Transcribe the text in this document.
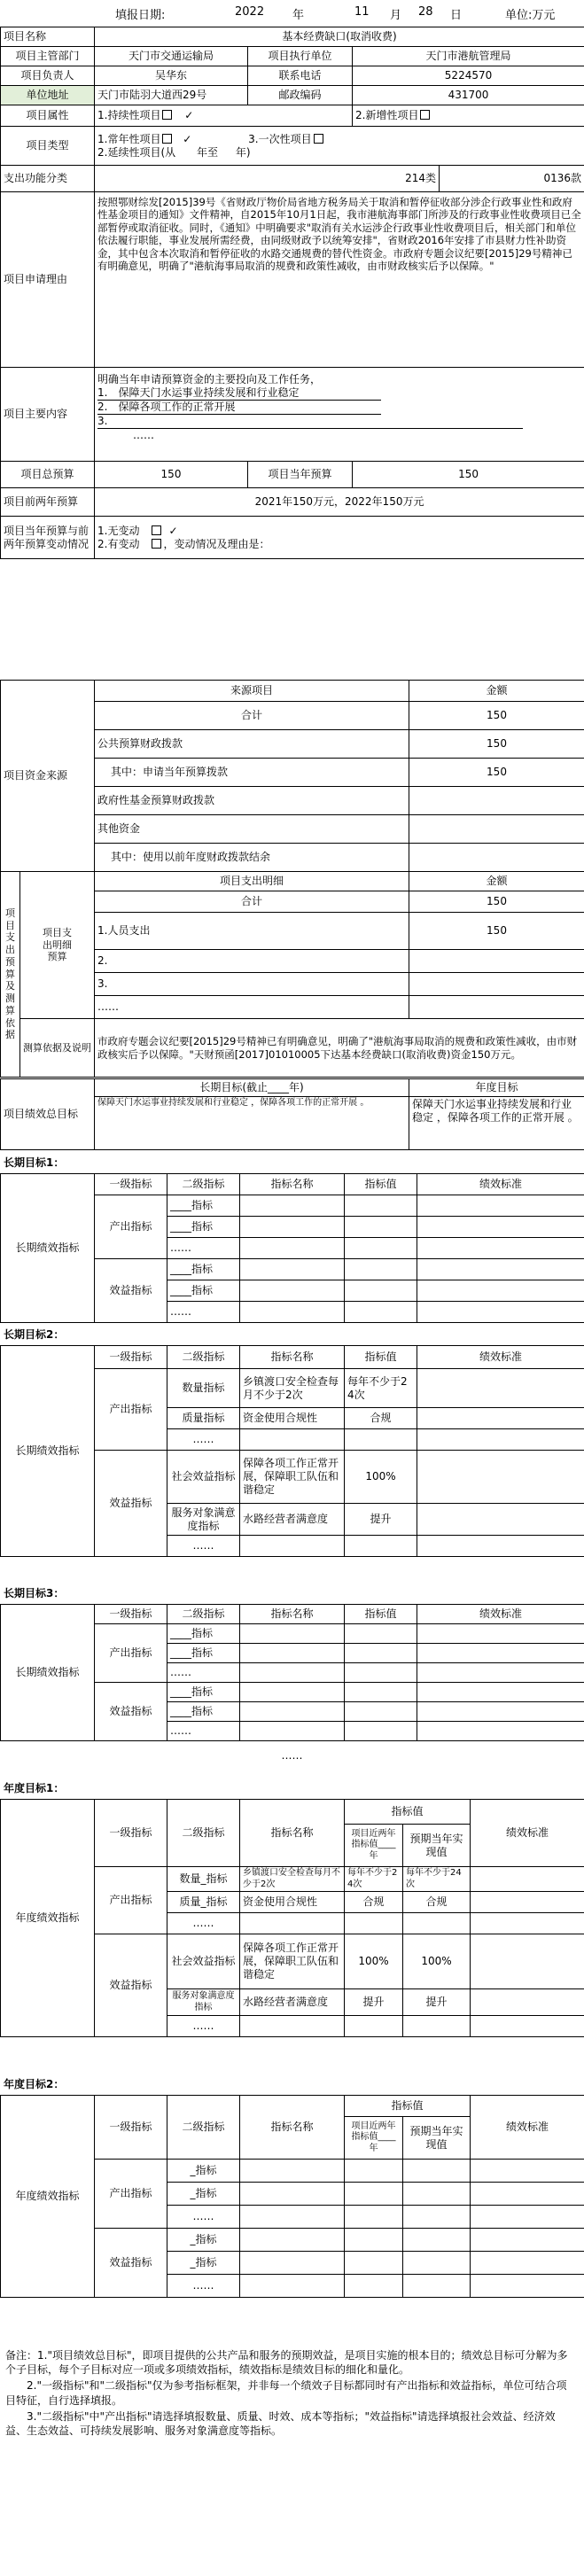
填报日期:	2022 年	11 月 28 日	单位:万元
项目名称	基本经费缺口(取消收费)			
项目主管部门	天门市交通运输局	项目执行单位	天门市港航管理局	
项目负责人	吴华东	联系电话	5224570	
单位地址	天门市陆羽大道西29号	邮政编码	431700	
项目属性	1.持续性项目 ✓		2.新增性项目	
项目类型	1.常年性项目 ✓ 3.一次性项目
2.延续性项目(从 年至 年)			

支出功能分类	214类			0136款
项目申请理由	按照鄂财综发[2015]39号《省财政厅物价局省地方税务局关于取消和暂停征收部分涉企行政事业性和政府性基金项目的通知》文件精神，自2015年10月1日起，我市港航海事部门所涉及的行政事业性收费项目已全部暂停或取消征收。同时，《通知》中明确要求"取消有关水运涉企行政事业性收费项目后，相关部门和单位依法履行职能，事业发展所需经费，由同级财政予以统筹安排"，省财政2016年安排了市县财力性补助资金，其中包含本次取消和暂停征收的水路交通规费的替代性资金。市政府专题会议纪要[2015]29号精神已有明确意见，明确了"港航海事局取消的规费和政策性减收，由市财政核实后予以保障。"			
项目主要内容	明确当年申请预算资金的主要投向及工作任务，
1.　保障天门水运事业持续发展和行业稳定
2.　保障各项工作的正常开展
3.
……			

项目总预算	150	项目当年预算	150	
项目前两年预算	2021年150万元，2022年150万元			
项目当年预算与前两年预算变动情况	1.无变动 ✓
2.有变动 ，变动情况及理由是：			
项目资金来源	来源项目	金额
	合计	150
	公共预算财政拨款	150
	其中：申请当年预算拨款	150
	政府性基金预算财政拨款	
	其他资金	
	其中：使用以前年度财政拨款结余	
项目支出预算及测算依据	项目支出明细预算	项目支出明细	金额
		合计	150
		1.人员支出	150
		2.	
		3.	
		……	
	测算依据及说明	市政府专题会议纪要[2015]29号精神已有明确意见，明确了"港航海事局取消的规费和政策性减收，由市财政核实后予以保障。"天财预函[2017]01010005下达基本经费缺口(取消收费)资金150万元。	
项目绩效总目标	长期目标(截止____年)	年度目标
	保障天门水运事业持续发展和行业稳定 ，保障各项工作的正常开展 。	保障天门水运事业持续发展和行业稳定 ，保障各项工作的正常开展 。
长期目标1：
长期绩效指标	一级指标	二级指标	指标名称	指标值	绩效标准
	产出指标	____指标			
		____指标			
		……			
	效益指标	____指标			
		____指标			
		……			
长期目标2：
长期绩效指标	一级指标	二级指标	指标名称	指标值	绩效标准
	产出指标	数量指标	乡镇渡口安全检查每月不少于2次	每年不少于24次	
		质量指标	资金使用合规性	合规	
		……			
	效益指标	社会效益指标	保障各项工作正常开展，保障职工队伍和谐稳定	100%	
		服务对象满意度指标	水路经营者满意度	提升	
		……			
长期目标3：
长期绩效指标	一级指标	二级指标	指标名称	指标值	绩效标准
	产出指标	____指标			
		____指标			
		……			
	效益指标	____指标			
		____指标			
		……			
……
年度目标1：
年度绩效指标	一级指标	二级指标	指标名称	指标值		绩效标准
				项目近两年指标值____年	预期当年实现值	
	产出指标	数量_指标	乡镇渡口安全检查每月不少于2次	每年不少于24次	每年不少于24次	
		质量_指标	资金使用合规性	合规	合规	
		……				
	效益指标	社会效益指标	保障各项工作正常开展，保障职工队伍和谐稳定	100%	100%	
		服务对象满意度指标	水路经营者满意度	提升	提升	
		……				
年度目标2：
年度绩效指标	一级指标	二级指标	指标名称	指标值		绩效标准
				项目近两年指标值____年	预期当年实现值	
	产出指标	_指标				
		_指标				
		……				
	效益指标	_指标				
		_指标				
		……				

备注：1."项目绩效总目标"，即项目提供的公共产品和服务的预期效益，是项目实施的根本目的；绩效总目标可分解为多个子目标，每个子目标对应一项或多项绩效指标，绩效指标是绩效目标的细化和量化。

　　2."一级指标"和"二级指标"仅为参考指标框架，并非每一个绩效子目标都同时有产出指标和效益指标，单位可结合项目特征，自行选择填报。

　　3."二级指标"中"产出指标"请选择填报数量、质量、时效、成本等指标；"效益指标"请选择填报社会效益、经济效益、生态效益、可持续发展影响、服务对象满意度等指标。
